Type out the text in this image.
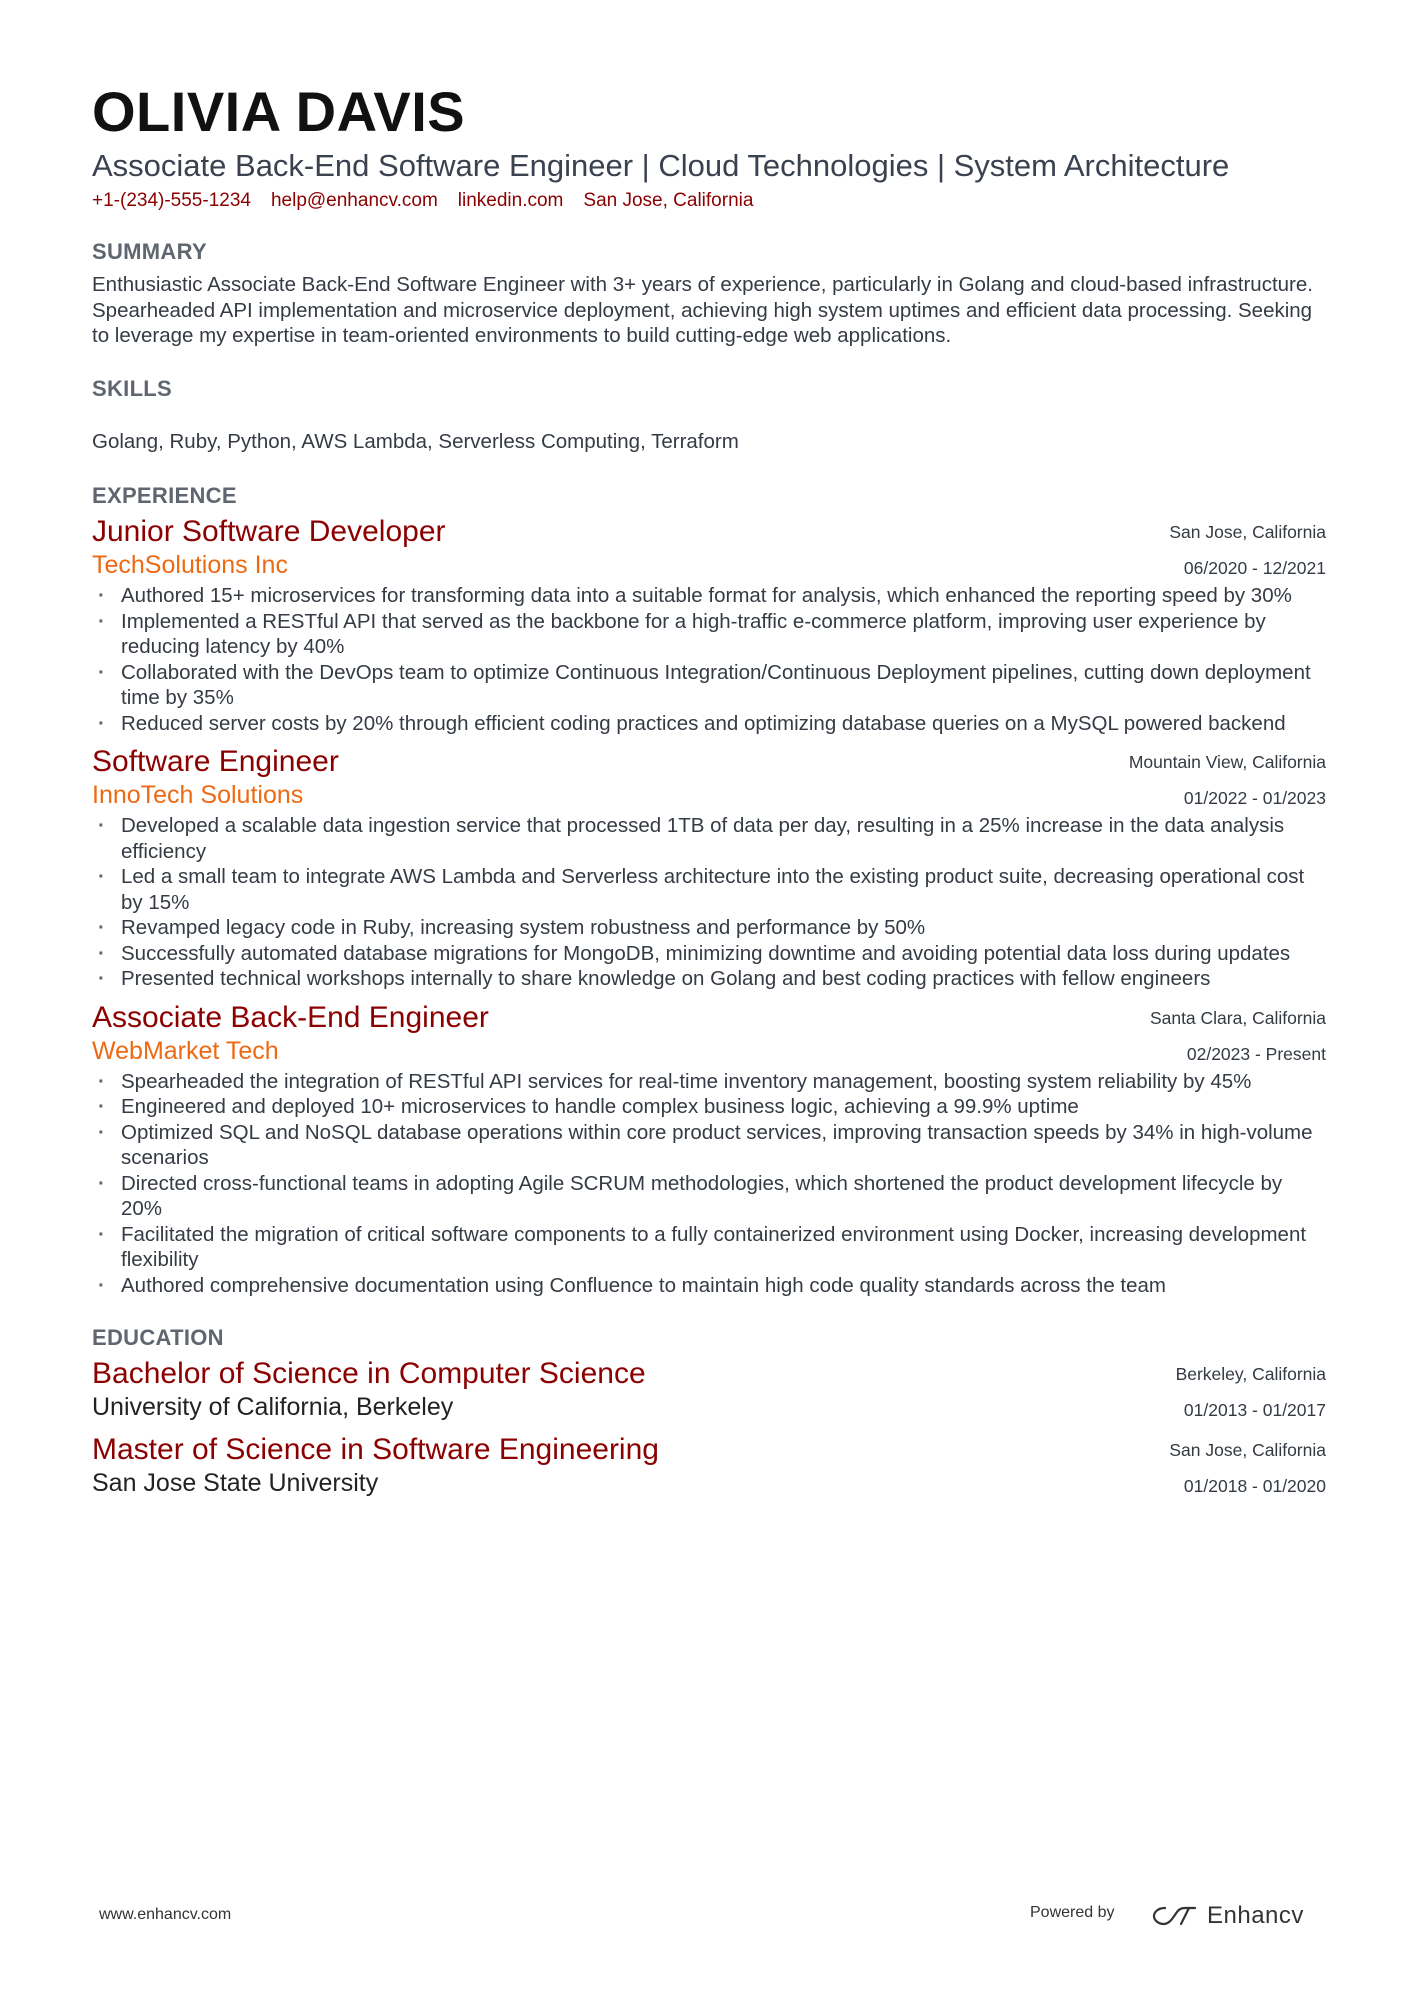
OLIVIA DAVIS
Associate Back-End Software Engineer | Cloud Technologies | System Architecture
+1-(234)-555-1234 help@enhancv.com linkedin.com San Jose, California
SUMMARY
Enthusiastic Associate Back-End Software Engineer with 3+ years of experience, particularly in Golang and cloud-based infrastructure. Spearheaded API implementation and microservice deployment, achieving high system uptimes and efficient data processing. Seeking to leverage my expertise in team-oriented environments to build cutting-edge web applications.
SKILLS
Golang, Ruby, Python, AWS Lambda, Serverless Computing, Terraform
EXPERIENCE
Junior Software Developer
TechSolutions Inc
San Jose, California
06/2020 - 12/2021
· Authored 15+ microservices for transforming data into a suitable format for analysis, which enhanced the reporting speed by 30%
· Implemented a RESTful API that served as the backbone for a high-traffic e-commerce platform, improving user experience by reducing latency by 40%
· Collaborated with the DevOps team to optimize Continuous Integration/Continuous Deployment pipelines, cutting down deployment time by 35%
· Reduced server costs by 20% through efficient coding practices and optimizing database queries on a MySQL powered backend
Software Engineer
InnoTech Solutions
Mountain View, California
01/2022 - 01/2023
· Developed a scalable data ingestion service that processed 1TB of data per day, resulting in a 25% increase in the data analysis efficiency
· Led a small team to integrate AWS Lambda and Serverless architecture into the existing product suite, decreasing operational cost by 15%
· Revamped legacy code in Ruby, increasing system robustness and performance by 50%
· Successfully automated database migrations for MongoDB, minimizing downtime and avoiding potential data loss during updates
· Presented technical workshops internally to share knowledge on Golang and best coding practices with fellow engineers
Associate Back-End Engineer
WebMarket Tech
Santa Clara, California
02/2023 - Present
· Spearheaded the integration of RESTful API services for real-time inventory management, boosting system reliability by 45%
· Engineered and deployed 10+ microservices to handle complex business logic, achieving a 99.9% uptime
· Optimized SQL and NoSQL database operations within core product services, improving transaction speeds by 34% in high-volume scenarios
· Directed cross-functional teams in adopting Agile SCRUM methodologies, which shortened the product development lifecycle by 20%
· Facilitated the migration of critical software components to a fully containerized environment using Docker, increasing development flexibility
· Authored comprehensive documentation using Confluence to maintain high code quality standards across the team
EDUCATION
Bachelor of Science in Computer Science
University of California, Berkeley
Berkeley, California
01/2013 - 01/2017
Master of Science in Software Engineering
San Jose State University
San Jose, California
01/2018 - 01/2020
www.enhancv.com	Powered by	Enhancv
